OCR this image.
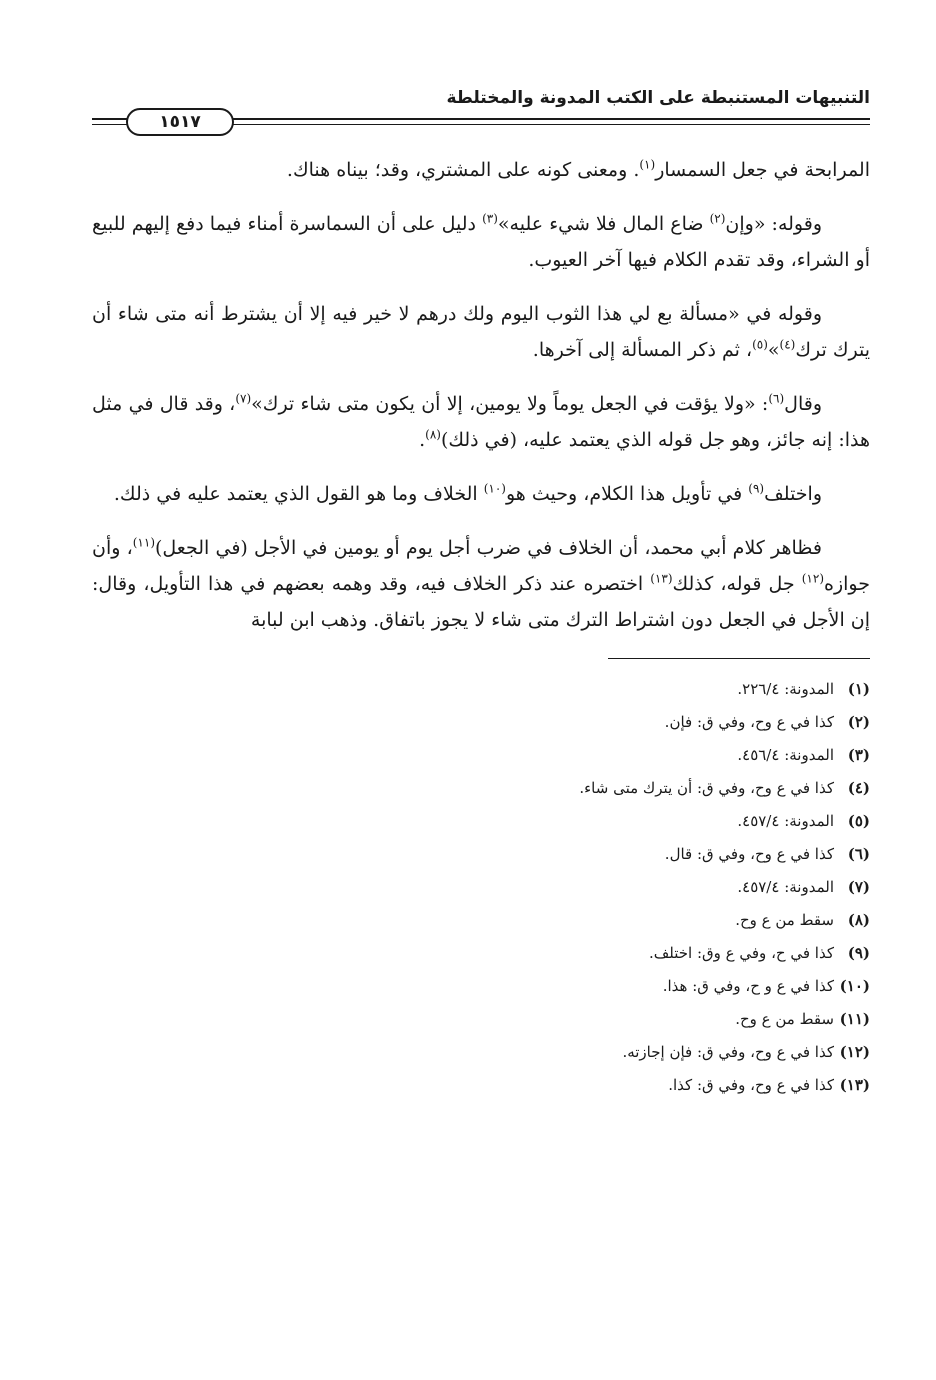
التنبيهات المستنبطة على الكتب المدونة والمختلطة
١٥١٧

المرابحة في جعل السمسار$^{(١)}$. ومعنى كونه على المشتري، وقد؛ بيناه هناك.

وقوله: «وإن$^{(٢)}$ ضاع المال فلا شيء عليه»$^{(٣)}$ دليل على أن السماسرة أمناء فيما دفع إليهم للبيع أو الشراء، وقد تقدم الكلام فيها آخر العيوب.

وقوله في «مسألة بع لي هذا الثوب اليوم ولك درهم لا خير فيه إلا أن يشترط أنه متى شاء أن يترك ترك$^{(٤)}$»$^{(٥)}$، ثم ذكر المسألة إلى آخرها.

وقال$^{(٦)}$: «ولا يؤقت في الجعل يوماً ولا يومين، إلا أن يكون متى شاء ترك»$^{(٧)}$، وقد قال في مثل هذا: إنه جائز، وهو جل قوله الذي يعتمد عليه، (في ذلك)$^{(٨)}$.

واختلف$^{(٩)}$ في تأويل هذا الكلام، وحيث هو$^{(١٠)}$ الخلاف وما هو القول الذي يعتمد عليه في ذلك.

فظاهر كلام أبي محمد، أن الخلاف في ضرب أجل يوم أو يومين في الأجل (في الجعل)$^{(١١)}$، وأن جوازه$^{(١٢)}$ جل قوله، كذلك$^{(١٣)}$ اختصره عند ذكر الخلاف فيه، وقد وهمه بعضهم في هذا التأويل، وقال: إن الأجل في الجعل دون اشتراط الترك متى شاء لا يجوز باتفاق. وذهب ابن لبابة

(١)المدونة: ٢٢٦/٤.
(٢)كذا في ع وح، وفي ق: فإن.
(٣)المدونة: ٤٥٦/٤.
(٤)كذا في ع وح، وفي ق: أن يترك متى شاء.
(٥)المدونة: ٤٥٧/٤.
(٦)كذا في ع وح، وفي ق: قال.
(٧)المدونة: ٤٥٧/٤.
(٨)سقط من ع وح.
(٩)كذا في ح، وفي ع وق: اختلف.
(١٠)كذا في ع و ح، وفي ق: هذا.
(١١)سقط من ع وح.
(١٢)كذا في ع وح، وفي ق: فإن إجازته.
(١٣)كذا في ع وح، وفي ق: كذا.
